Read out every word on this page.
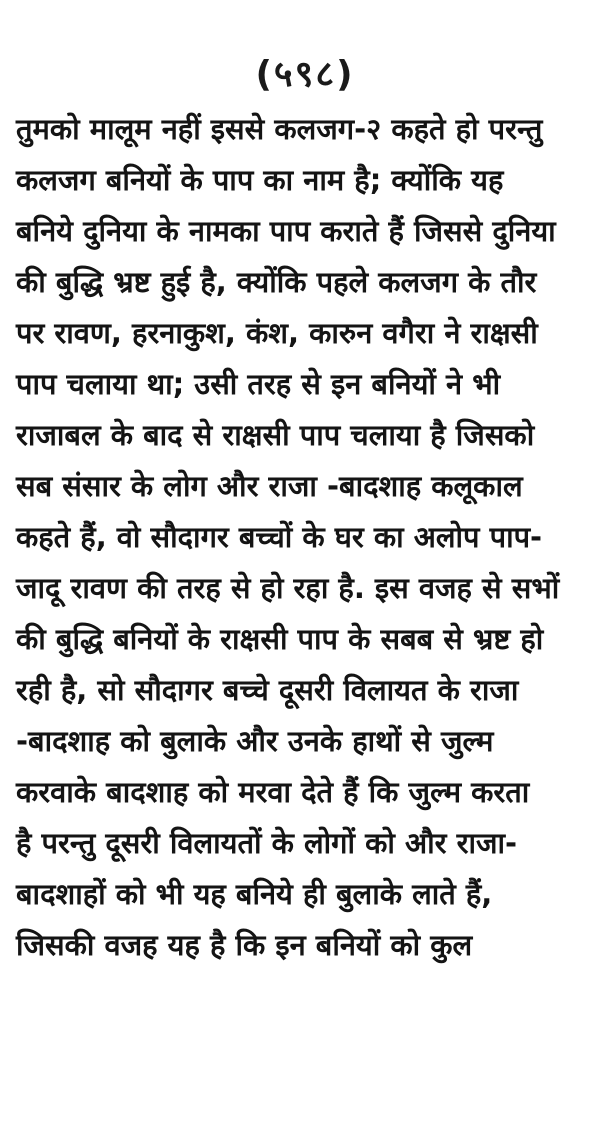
(५९८)
तुमको मालूम नहीं इससे कलजग-२ कहते हो परन्तु
कलजग बनियों के पाप का नाम है; क्योंकि यह
बनिये दुनिया के नामका पाप कराते हैं जिससे दुनिया
की बुद्धि भ्रष्ट हुई है, क्योंकि पहले कलजग के तौर
पर रावण, हरनाकुश, कंश, कारुन वगैरा ने राक्षसी
पाप चलाया था; उसी तरह से इन बनियों ने भी
राजाबल के बाद से राक्षसी पाप चलाया है जिसको
सब संसार के लोग और राजा -बादशाह कलूकाल
कहते हैं, वो सौदागर बच्चों के घर का अलोप पाप-
जादू रावण की तरह से हो रहा है. इस वजह से सभों
की बुद्धि बनियों के राक्षसी पाप के सबब से भ्रष्ट हो
रही है, सो सौदागर बच्चे दूसरी विलायत के राजा
-बादशाह को बुलाके और उनके हाथों से जुल्म
करवाके बादशाह को मरवा देते हैं कि जुल्म करता
है परन्तु दूसरी विलायतों के लोगों को और राजा-
बादशाहों को भी यह बनिये ही बुलाके लाते हैं,
जिसकी वजह यह है कि इन बनियों को कुल
